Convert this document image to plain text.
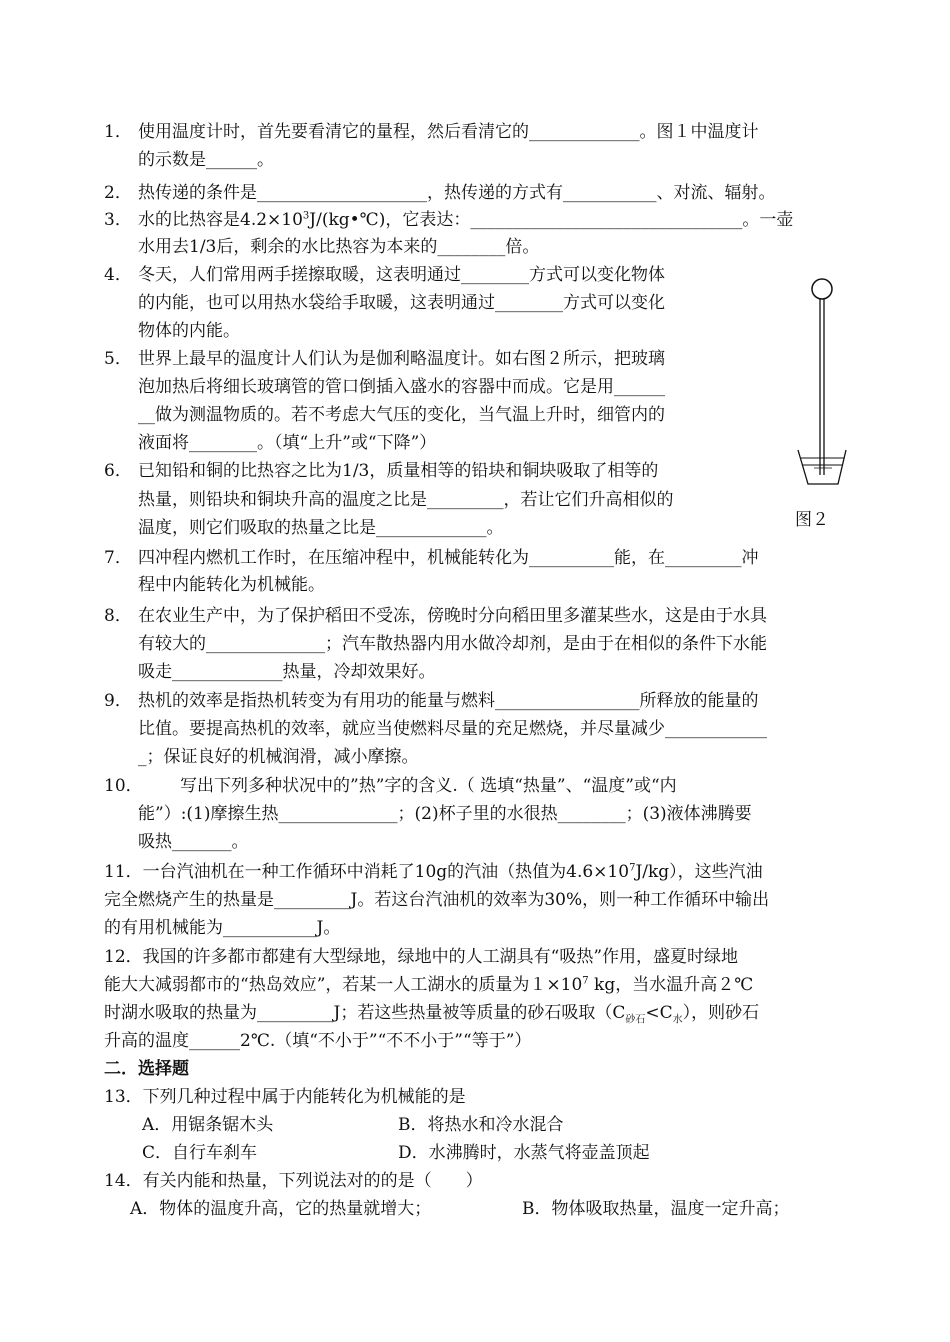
1． 使用温度计时，首先要看清它的量程，然后看清它的_____________。图１中温度计
的示数是______。
2． 热传递的条件是____________________，热传递的方式有___________、对流、辐射。
3． 水的比热容是$4.2\times 10^3J/(kg•℃)$，它表达：________________________________。一壶
水用去1/3后，剩余的水比热容为本来的________倍。
4． 冬天，人们常用两手搓擦取暖，这表明通过________方式可以变化物体
的内能，也可以用热水袋给手取暖，这表明通过________方式可以变化
物体的内能。
5． 世界上最早的温度计人们认为是伽利略温度计。如右图２所示，把玻璃
泡加热后将细长玻璃管的管口倒插入盛水的容器中而成。它是用______
__做为测温物质的。若不考虑大气压的变化，当气温上升时，细管内的
液面将________。（填“上升”或“下降”）
6． 已知铅和铜的比热容之比为1/3，质量相等的铅块和铜块吸取了相等的
热量，则铅块和铜块升高的温度之比是_________，若让它们升高相似的
温度，则它们吸取的热量之比是_____________。	图２
7． 四冲程内燃机工作时，在压缩冲程中，机械能转化为__________能，在_________冲
程中内能转化为机械能。
8． 在农业生产中，为了保护稻田不受冻，傍晚时分向稻田里多灌某些水，这是由于水具
有较大的______________；汽车散热器内用水做冷却剂，是由于在相似的条件下水能
吸走_____________热量，冷却效果好。
9． 热机的效率是指热机转变为有用功的能量与燃料_________________所释放的能量的
比值。要提高热机的效率，就应当使燃料尽量的充足燃烧，并尽量减少____________
_；保证良好的机械润滑，减小摩擦。
10． 写出下列多种状况中的”热”字的含义.（ 选填“热量”、“温度”或“内
能”）:(1)摩擦生热______________；(2)杯子里的水很热________；(3)液体沸腾要
吸热_______。
11．一台汽油机在一种工作循环中消耗了10g的汽油（热值为$4.6\times 10^7J/kg$），这些汽油
完全燃烧产生的热量是_________J。若这台汽油机的效率为30%，则一种工作循环中输出
的有用机械能为___________J。
12．我国的许多都市都建有大型绿地，绿地中的人工湖具有“吸热”作用，盛夏时绿地
能大大减弱都市的“热岛效应”，若某一人工湖水的质量为$1\times 10^7$ kg，当水温升高２℃
时湖水吸取的热量为_________J；若这些热量被等质量的砂石吸取$(C_{砂石}<C_水)$，则砂石
升高的温度______2℃.（填“不小于”“不不小于”“等于”）
二．选择题
13．下列几种过程中属于内能转化为机械能的是
A．用锯条锯木头	B．将热水和冷水混合
C．自行车刹车	D．水沸腾时，水蒸气将壶盖顶起
14．有关内能和热量，下列说法对的的是（　　）
A．物体的温度升高，它的热量就增大；	B．物体吸取热量，温度一定升高；
